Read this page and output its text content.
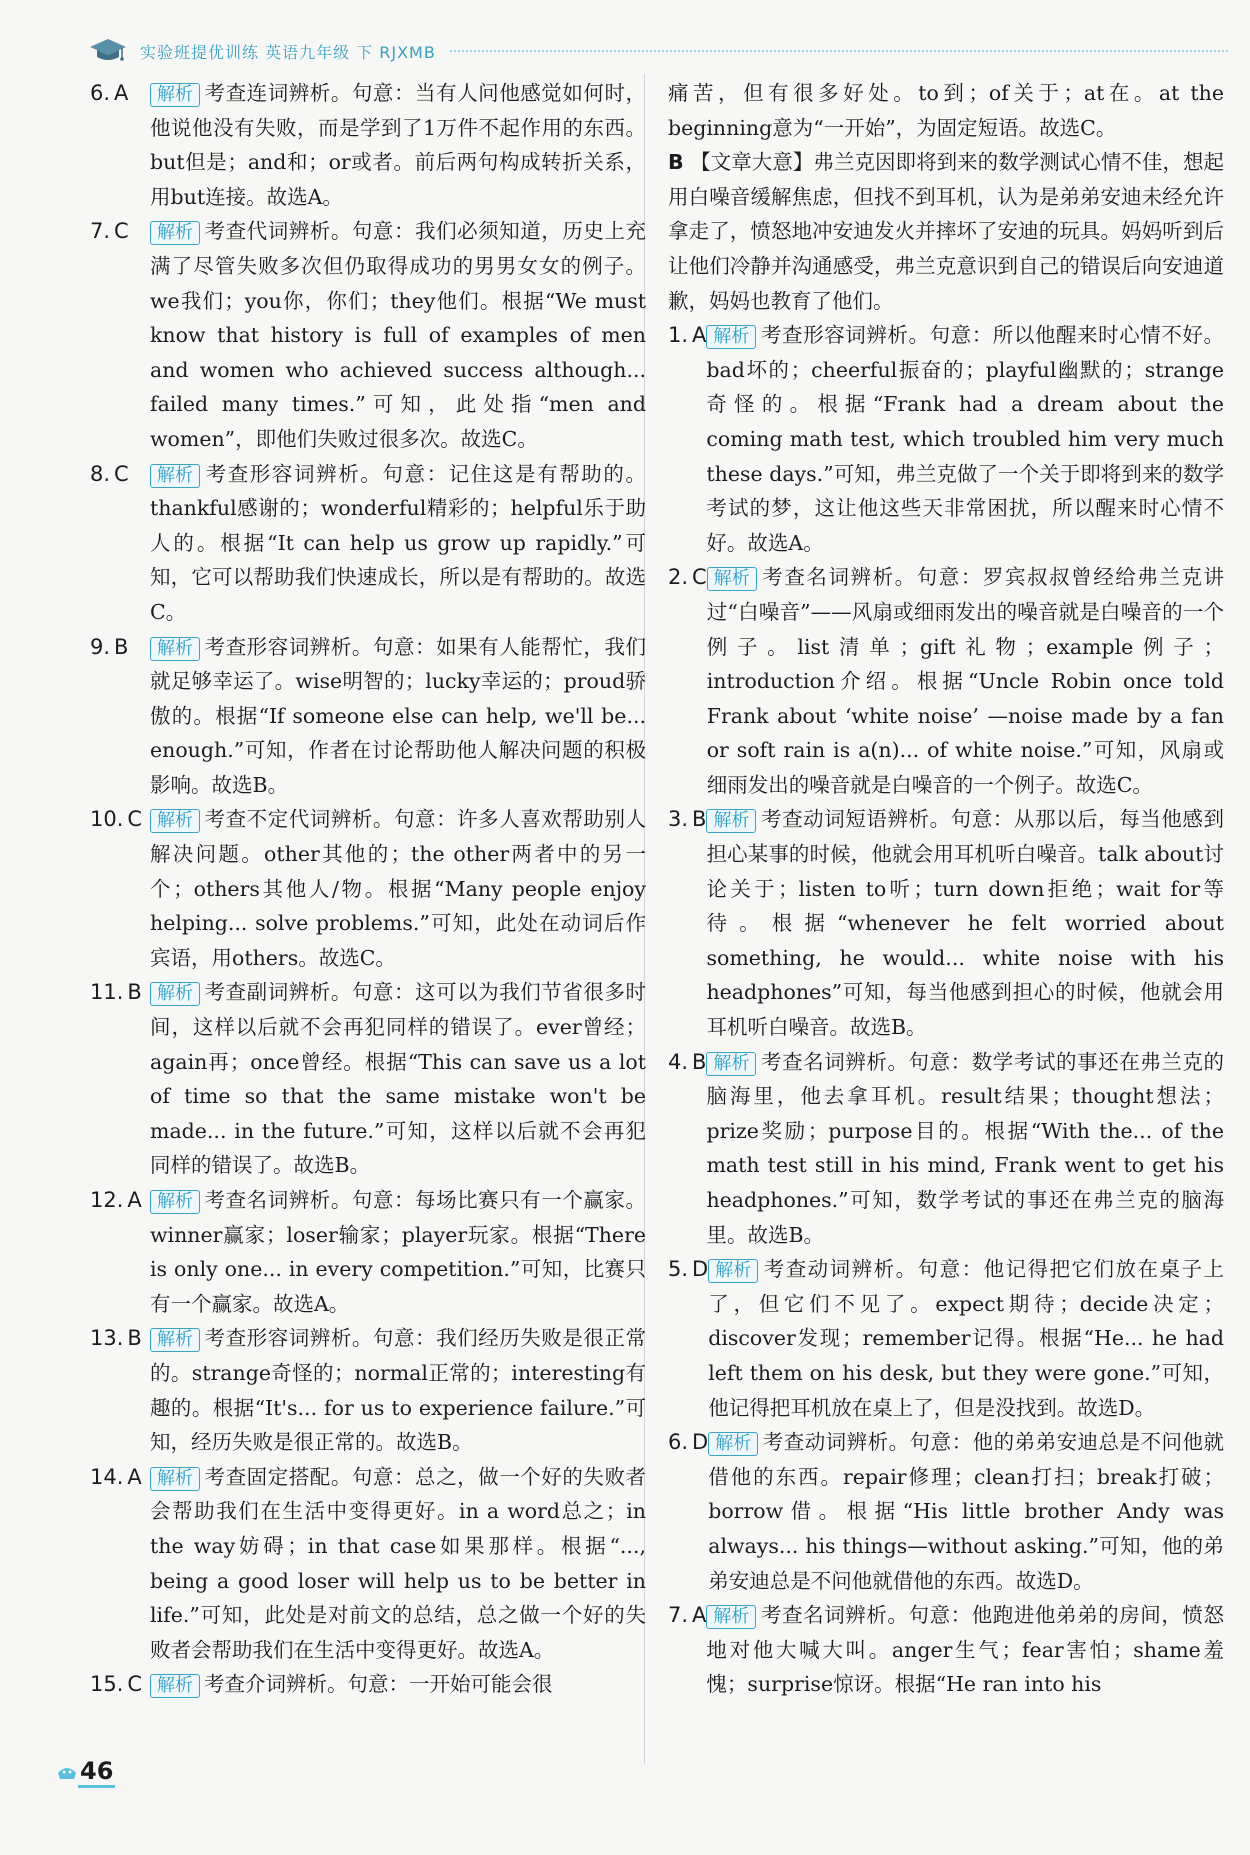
实验班提优训练 英语九年级 下 RJXMB
6. A	解析 考查连词辨析。句意：当有人问他感觉如何时，他说他没有失败，而是学到了1万件不起作用的东西。but但是；and和；or或者。前后两句构成转折关系，用but连接。故选A。
7. C	解析 考查代词辨析。句意：我们必须知道，历史上充满了尽管失败多次但仍取得成功的男男女女的例子。we我们；you你，你们；they他们。根据“We must know that history is full of examples of men and women who achieved success although... failed many times.”可知，此处指“men and women”，即他们失败过很多次。故选C。
8. C	解析 考查形容词辨析。句意：记住这是有帮助的。thankful感谢的；wonderful精彩的；helpful乐于助人的。根据“It can help us grow up rapidly.”可知，它可以帮助我们快速成长，所以是有帮助的。故选C。
9. B	解析 考查形容词辨析。句意：如果有人能帮忙，我们就足够幸运了。wise明智的；lucky幸运的；proud骄傲的。根据“If someone else can help, we'll be... enough.”可知，作者在讨论帮助他人解决问题的积极影响。故选B。
10. C 解析 考查不定代词辨析。句意：许多人喜欢帮助别人解决问题。other其他的；the other两者中的另一个；others其他人/物。根据“Many people enjoy helping... solve problems.”可知，此处在动词后作宾语，用others。故选C。
11. B 解析 考查副词辨析。句意：这可以为我们节省很多时间，这样以后就不会再犯同样的错误了。ever曾经；again再；once曾经。根据“This can save us a lot of time so that the same mistake won't be made... in the future.”可知，这样以后就不会再犯同样的错误了。故选B。
12. A 解析 考查名词辨析。句意：每场比赛只有一个赢家。winner赢家；loser输家；player玩家。根据“There is only one... in every competition.”可知，比赛只有一个赢家。故选A。
13. B 解析 考查形容词辨析。句意：我们经历失败是很正常的。strange奇怪的；normal正常的；interesting有趣的。根据“It's... for us to experience failure.”可知，经历失败是很正常的。故选B。
14. A 解析 考查固定搭配。句意：总之，做一个好的失败者会帮助我们在生活中变得更好。in a word总之；in the way妨碍；in that case如果那样。根据“..., being a good loser will help us to be better in life.”可知，此处是对前文的总结，总之做一个好的失败者会帮助我们在生活中变得更好。故选A。
15. C 解析 考查介词辨析。句意：一开始可能会很
痛苦，但有很多好处。to到；of关于；at在。at the beginning意为“一开始”，为固定短语。故选C。
B 【文章大意】弗兰克因即将到来的数学测试心情不佳，想起用白噪音缓解焦虑，但找不到耳机，认为是弟弟安迪未经允许拿走了，愤怒地冲安迪发火并摔坏了安迪的玩具。妈妈听到后让他们冷静并沟通感受，弗兰克意识到自己的错误后向安迪道歉，妈妈也教育了他们。
1. A 解析 考查形容词辨析。句意：所以他醒来时心情不好。bad坏的；cheerful振奋的；playful幽默的；strange奇怪的。根据“Frank had a dream about the coming math test, which troubled him very much these days.”可知，弗兰克做了一个关于即将到来的数学考试的梦，这让他这些天非常困扰，所以醒来时心情不好。故选A。
2. C 解析 考查名词辨析。句意：罗宾叔叔曾经给弗兰克讲过“白噪音”——风扇或细雨发出的噪音就是白噪音的一个例子。list清单；gift礼物；example例子；introduction介绍。根据“Uncle Robin once told Frank about ‘white noise’ —noise made by a fan or soft rain is a(n)... of white noise.”可知，风扇或细雨发出的噪音就是白噪音的一个例子。故选C。
3. B 解析 考查动词短语辨析。句意：从那以后，每当他感到担心某事的时候，他就会用耳机听白噪音。talk about讨论关于；listen to听；turn down拒绝；wait for等待。根据“whenever he felt worried about something, he would... white noise with his headphones”可知，每当他感到担心的时候，他就会用耳机听白噪音。故选B。
4. B 解析 考查名词辨析。句意：数学考试的事还在弗兰克的脑海里，他去拿耳机。result结果；thought想法；prize奖励；purpose目的。根据“With the... of the math test still in his mind, Frank went to get his headphones.”可知，数学考试的事还在弗兰克的脑海里。故选B。
5. D 解析 考查动词辨析。句意：他记得把它们放在桌子上了，但它们不见了。expect期待；decide决定；discover发现；remember记得。根据“He... he had left them on his desk, but they were gone.”可知，他记得把耳机放在桌上了，但是没找到。故选D。
6. D 解析 考查动词辨析。句意：他的弟弟安迪总是不问他就借他的东西。repair修理；clean打扫；break打破；borrow借。根据“His little brother Andy was always... his things—without asking.”可知，他的弟弟安迪总是不问他就借他的东西。故选D。
7. A 解析 考查名词辨析。句意：他跑进他弟弟的房间，愤怒地对他大喊大叫。anger生气；fear害怕；shame羞愧；surprise惊讶。根据“He ran into his
46
